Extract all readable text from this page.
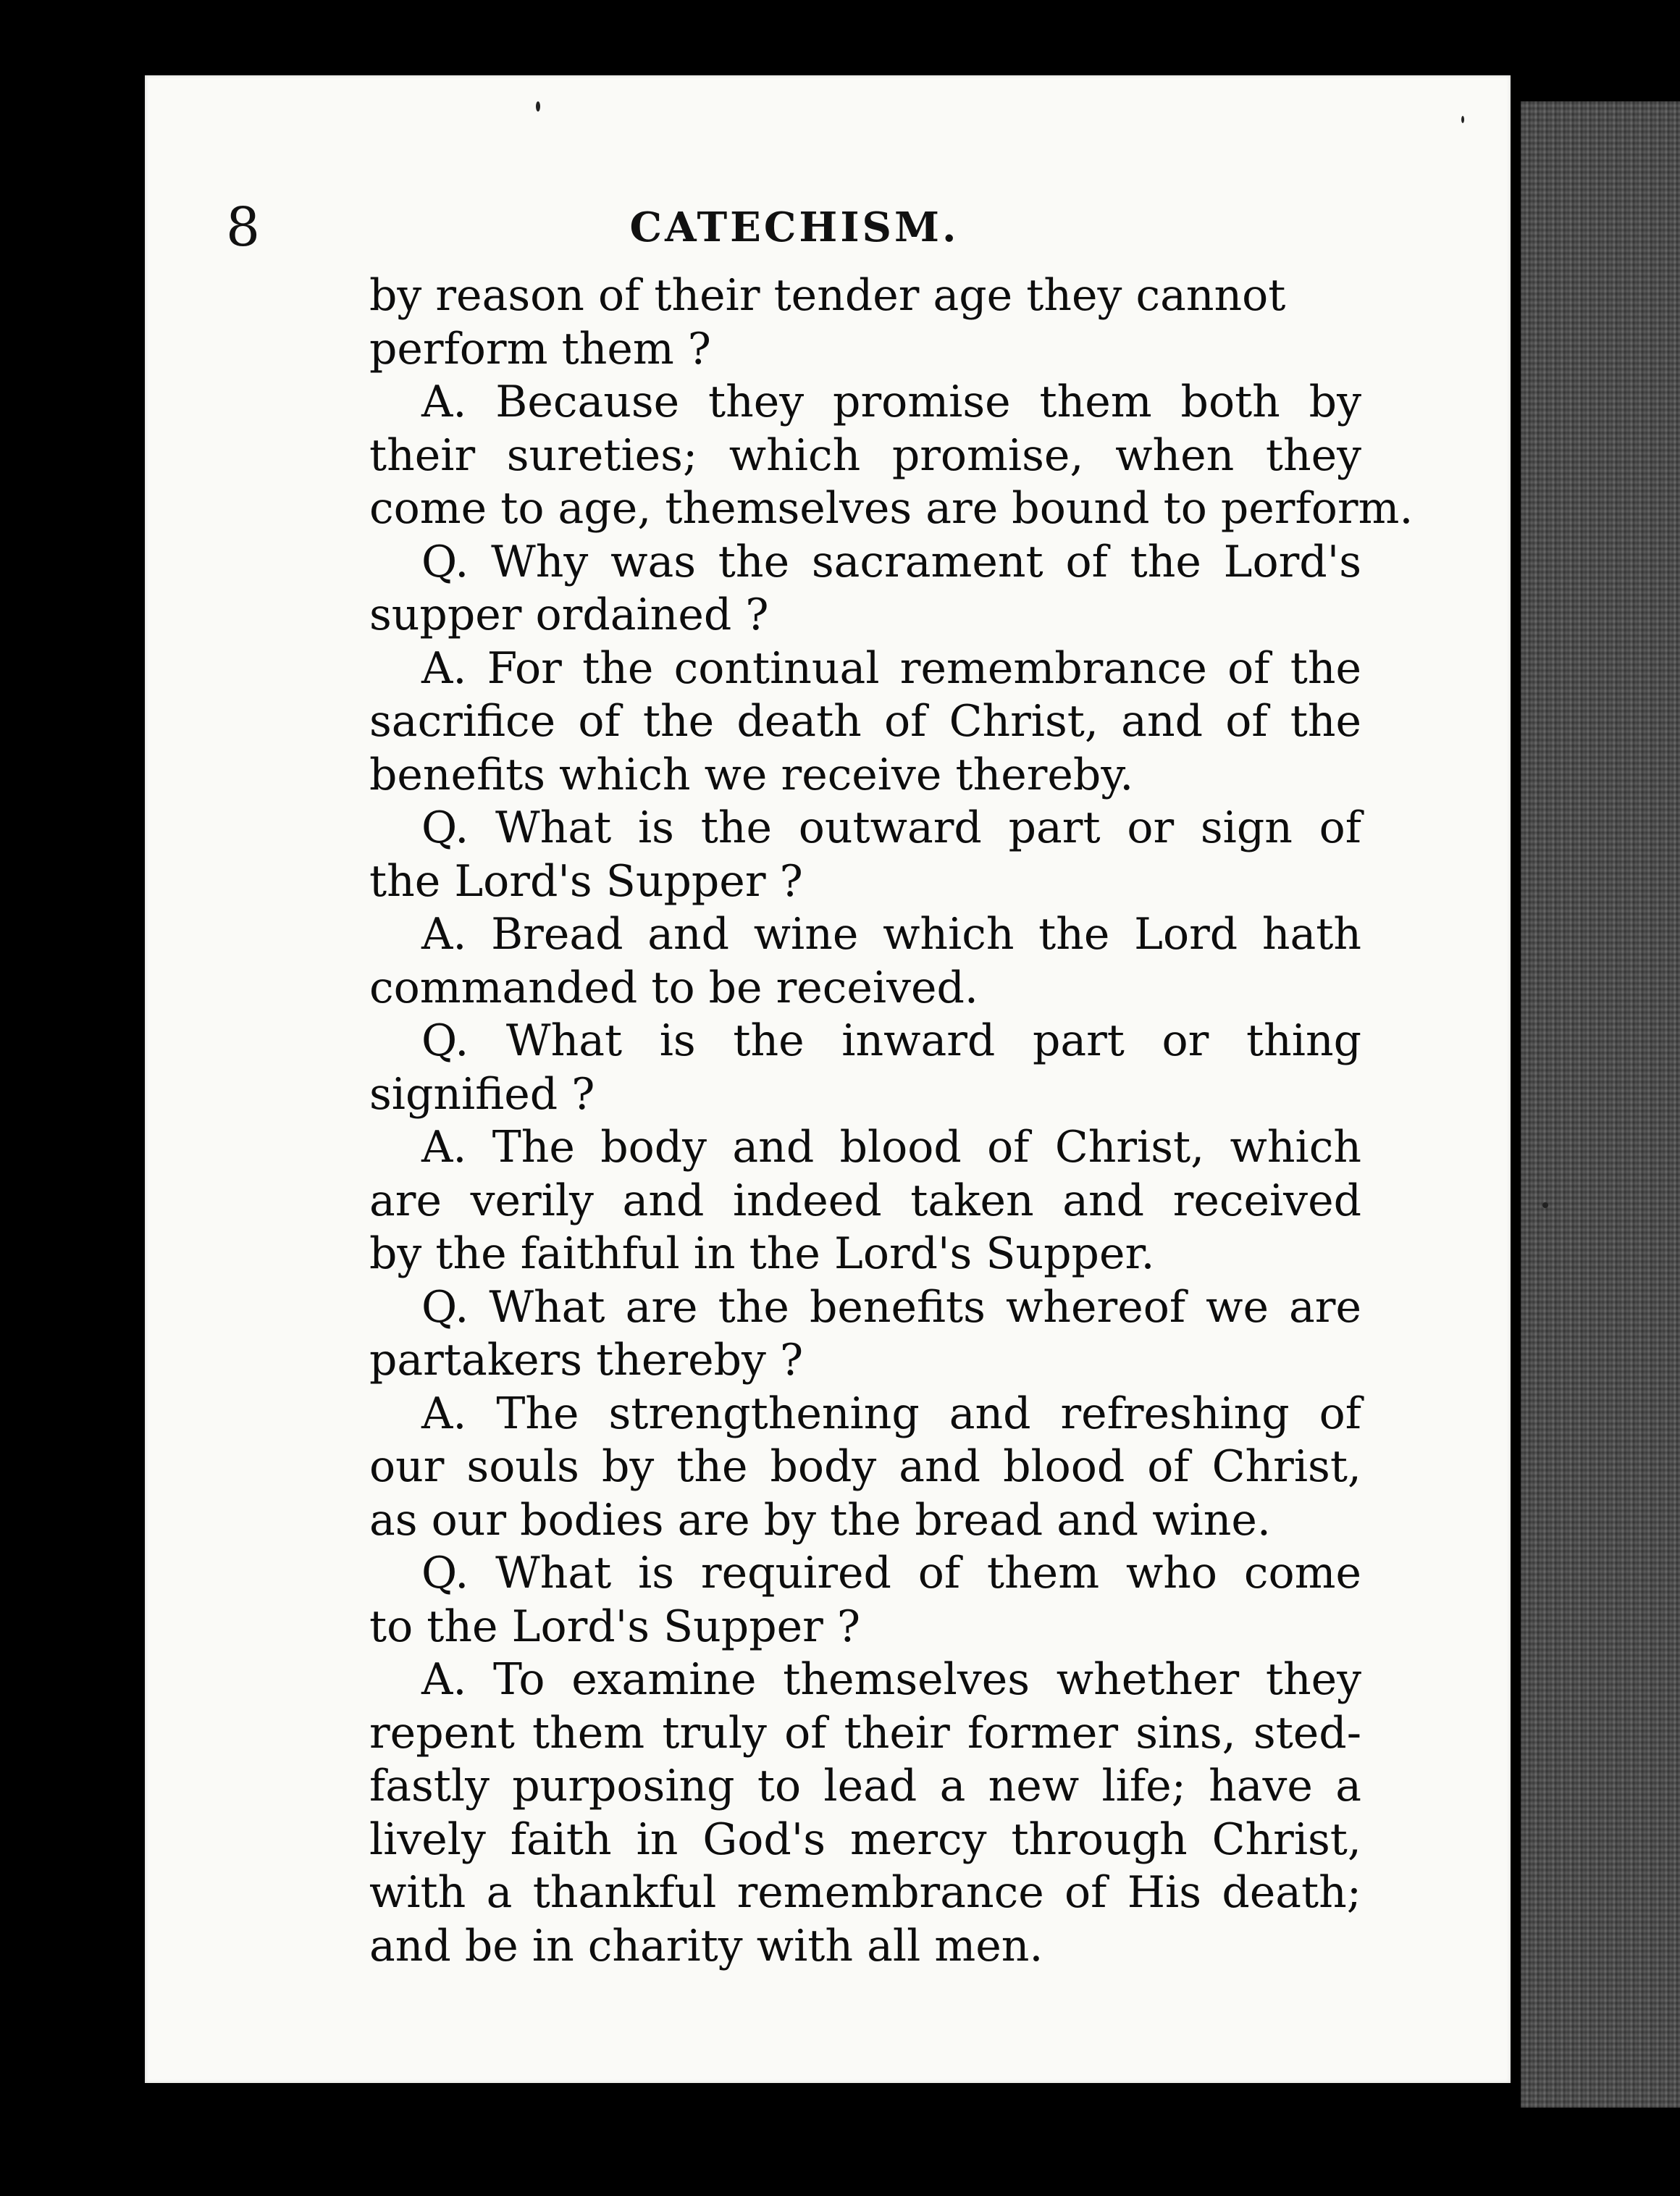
8	CATECHISM.
by reason of their tender age they cannot
perform them ?
A. Because they promise them both by
their sureties; which promise, when they
come to age, themselves are bound to perform.
Q. Why was the sacrament of the Lord's
supper ordained ?
A. For the continual remembrance of the
sacrifice of the death of Christ, and of the
benefits which we receive thereby.
Q. What is the outward part or sign of
the Lord's Supper ?
A. Bread and wine which the Lord hath
commanded to be received.
Q. What is the inward part or thing
signified ?
A. The body and blood of Christ, which
are verily and indeed taken and received
by the faithful in the Lord's Supper.
Q. What are the benefits whereof we are
partakers thereby ?
A. The strengthening and refreshing of
our souls by the body and blood of Christ,
as our bodies are by the bread and wine.
Q. What is required of them who come
to the Lord's Supper ?
A. To examine themselves whether they
repent them truly of their former sins, sted-
fastly purposing to lead a new life; have a
lively faith in God's mercy through Christ,
with a thankful remembrance of His death;
and be in charity with all men.
